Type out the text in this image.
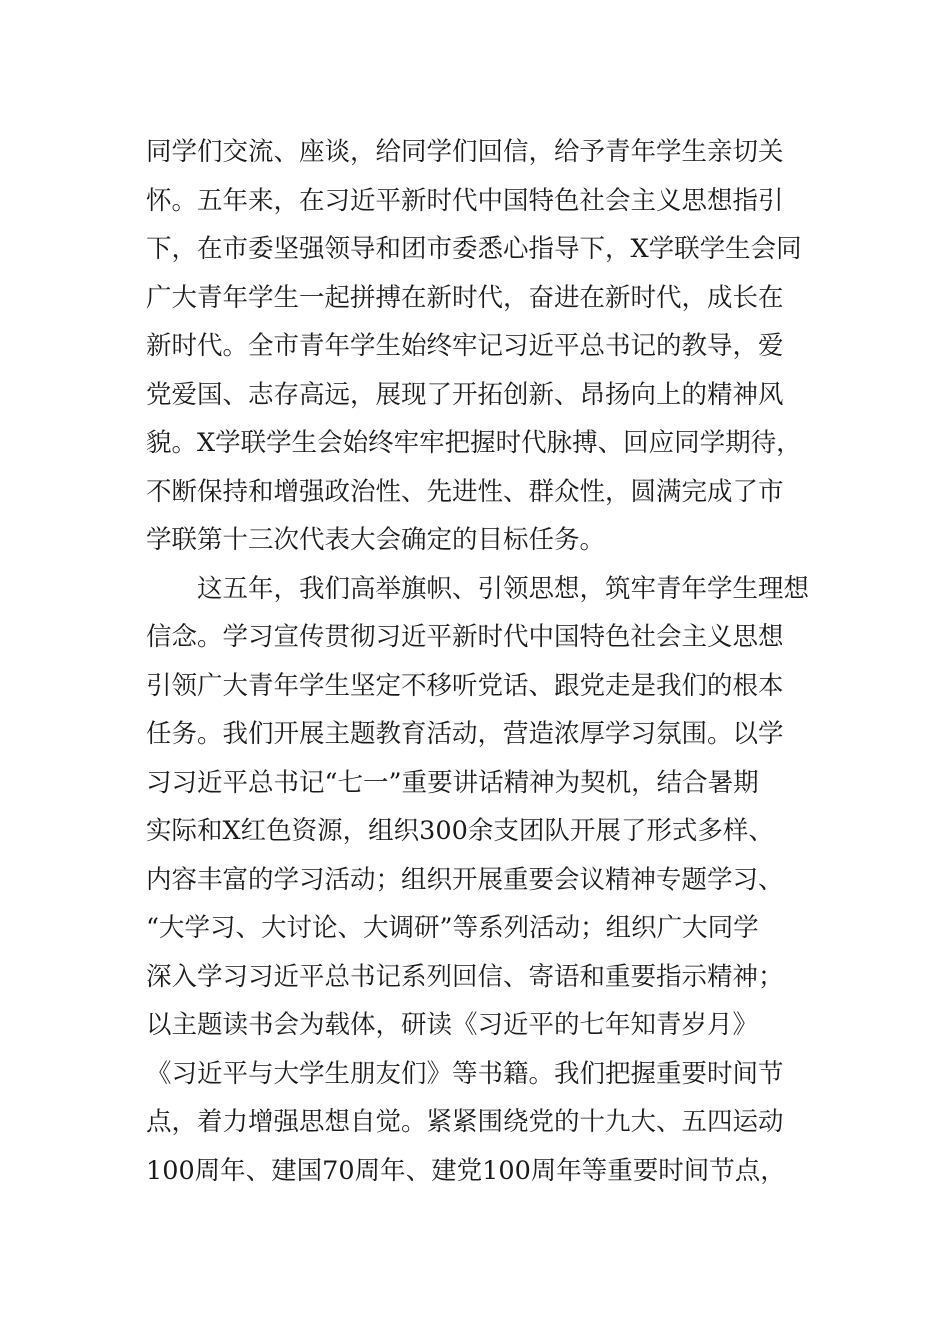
同学们交流、座谈，给同学们回信，给予青年学生亲切关
怀。五年来，在习近平新时代中国特色社会主义思想指引
下，在市委坚强领导和团市委悉心指导下，X学联学生会同
广大青年学生一起拼搏在新时代，奋进在新时代，成长在
新时代。全市青年学生始终牢记习近平总书记的教导，爱
党爱国、志存高远，展现了开拓创新、昂扬向上的精神风
貌。X学联学生会始终牢牢把握时代脉搏、回应同学期待，
不断保持和增强政治性、先进性、群众性，圆满完成了市
学联第十三次代表大会确定的目标任务。
　　这五年，我们高举旗帜、引领思想，筑牢青年学生理想
信念。学习宣传贯彻习近平新时代中国特色社会主义思想
引领广大青年学生坚定不移听党话、跟党走是我们的根本
任务。我们开展主题教育活动，营造浓厚学习氛围。以学
习习近平总书记“七一”重要讲话精神为契机，结合暑期
实际和X红色资源，组织300余支团队开展了形式多样、
内容丰富的学习活动；组织开展重要会议精神专题学习、
“大学习、大讨论、大调研”等系列活动；组织广大同学
深入学习习近平总书记系列回信、寄语和重要指示精神；
以主题读书会为载体，研读《习近平的七年知青岁月》
《习近平与大学生朋友们》等书籍。我们把握重要时间节
点，着力增强思想自觉。紧紧围绕党的十九大、五四运动
100周年、建国70周年、建党100周年等重要时间节点，
